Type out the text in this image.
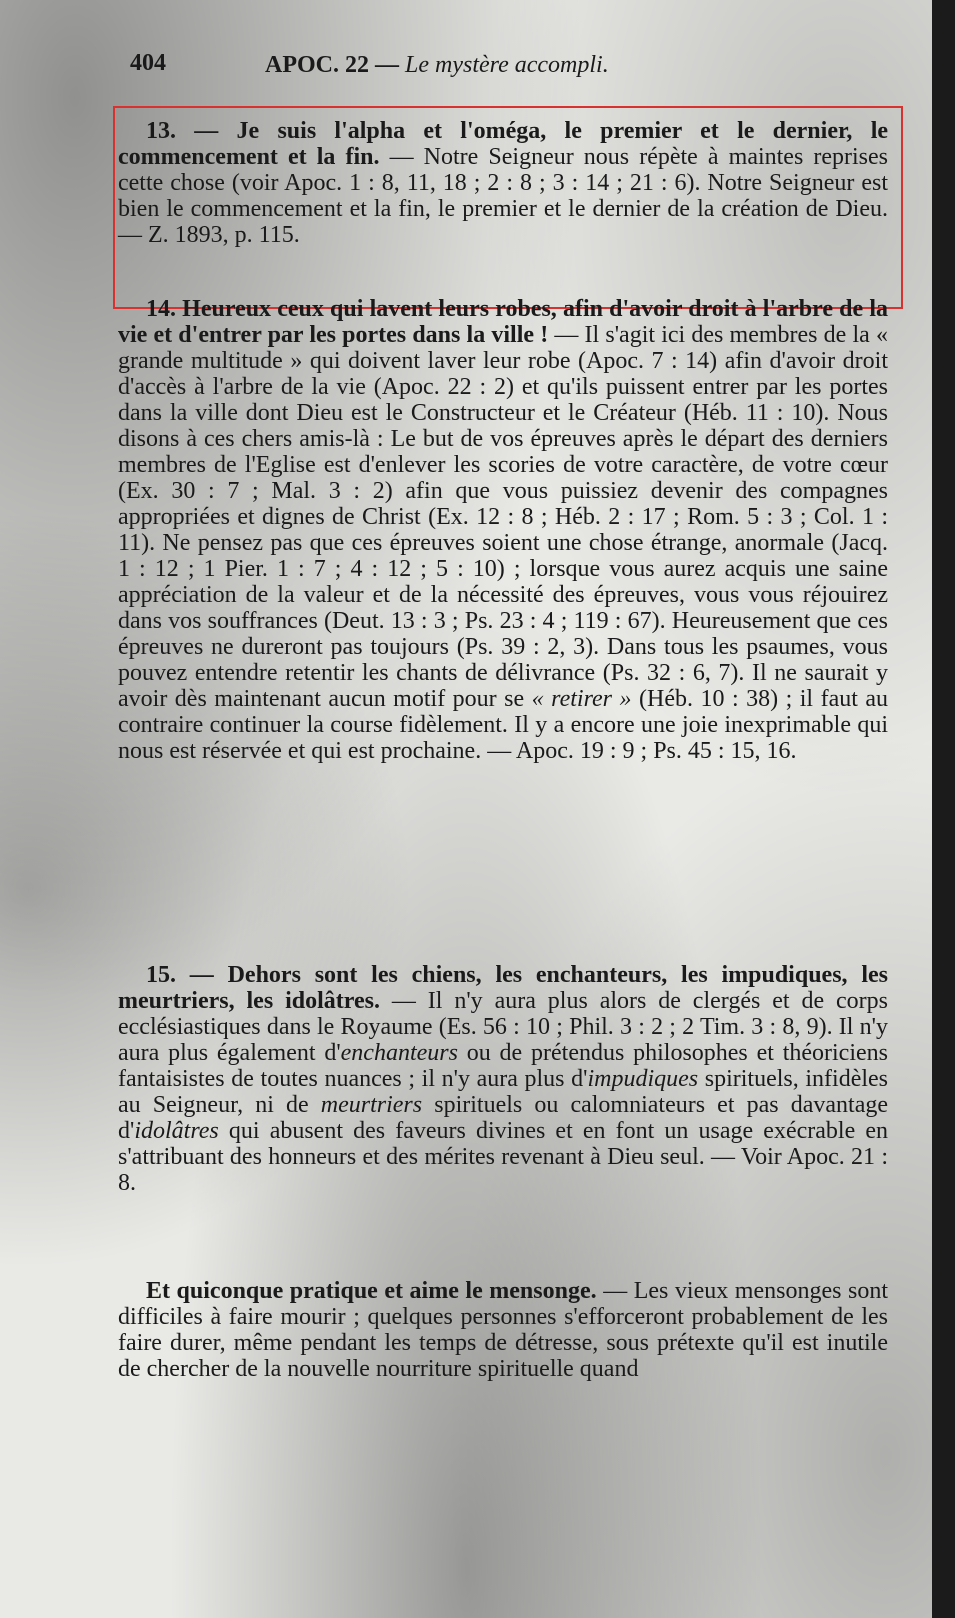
404	APOC. 22 — Le mystère accompli.
13. — Je suis l'alpha et l'oméga, le premier et le dernier, le commencement et la fin. — Notre Seigneur nous répète à maintes reprises cette chose (voir Apoc. 1 : 8, 11, 18 ; 2 : 8 ; 3 : 14 ; 21 : 6). Notre Seigneur est bien le commencement et la fin, le premier et le dernier de la création de Dieu. — Z. 1893, p. 115.
14. Heureux ceux qui lavent leurs robes, afin d'avoir droit à l'arbre de la vie et d'entrer par les portes dans la ville ! — Il s'agit ici des membres de la « grande multitude » qui doivent laver leur robe (Apoc. 7 : 14) afin d'avoir droit d'accès à l'arbre de la vie (Apoc. 22 : 2) et qu'ils puissent entrer par les portes dans la ville dont Dieu est le Constructeur et le Créateur (Héb. 11 : 10). Nous disons à ces chers amis-là : Le but de vos épreuves après le départ des derniers membres de l'Eglise est d'enlever les scories de votre caractère, de votre cœur (Ex. 30 : 7 ; Mal. 3 : 2) afin que vous puissiez devenir des compagnes appropriées et dignes de Christ (Ex. 12 : 8 ; Héb. 2 : 17 ; Rom. 5 : 3 ; Col. 1 : 11). Ne pensez pas que ces épreuves soient une chose étrange, anormale (Jacq. 1 : 12 ; 1 Pier. 1 : 7 ; 4 : 12 ; 5 : 10) ; lorsque vous aurez acquis une saine appréciation de la valeur et de la nécessité des épreuves, vous vous réjouirez dans vos souffrances (Deut. 13 : 3 ; Ps. 23 : 4 ; 119 : 67). Heureusement que ces épreuves ne dureront pas toujours (Ps. 39 : 2, 3). Dans tous les psaumes, vous pouvez entendre retentir les chants de délivrance (Ps. 32 : 6, 7). Il ne saurait y avoir dès maintenant aucun motif pour se « retirer » (Héb. 10 : 38) ; il faut au contraire continuer la course fidèlement. Il y a encore une joie inexprimable qui nous est réservée et qui est prochaine. — Apoc. 19 : 9 ; Ps. 45 : 15, 16.
15. — Dehors sont les chiens, les enchanteurs, les impudiques, les meurtriers, les idolâtres. — Il n'y aura plus alors de clergés et de corps ecclésiastiques dans le Royaume (Es. 56 : 10 ; Phil. 3 : 2 ; 2 Tim. 3 : 8, 9). Il n'y aura plus également d'enchanteurs ou de prétendus philosophes et théoriciens fantaisistes de toutes nuances ; il n'y aura plus d'impudiques spirituels, infidèles au Seigneur, ni de meurtriers spirituels ou calomniateurs et pas davantage d'idolâtres qui abusent des faveurs divines et en font un usage exécrable en s'attribuant des honneurs et des mérites revenant à Dieu seul. — Voir Apoc. 21 : 8.
Et quiconque pratique et aime le mensonge. — Les vieux mensonges sont difficiles à faire mourir ; quelques personnes s'efforceront probablement de les faire durer, même pendant les temps de détresse, sous prétexte qu'il est inutile de chercher de la nouvelle nourriture spirituelle quand
